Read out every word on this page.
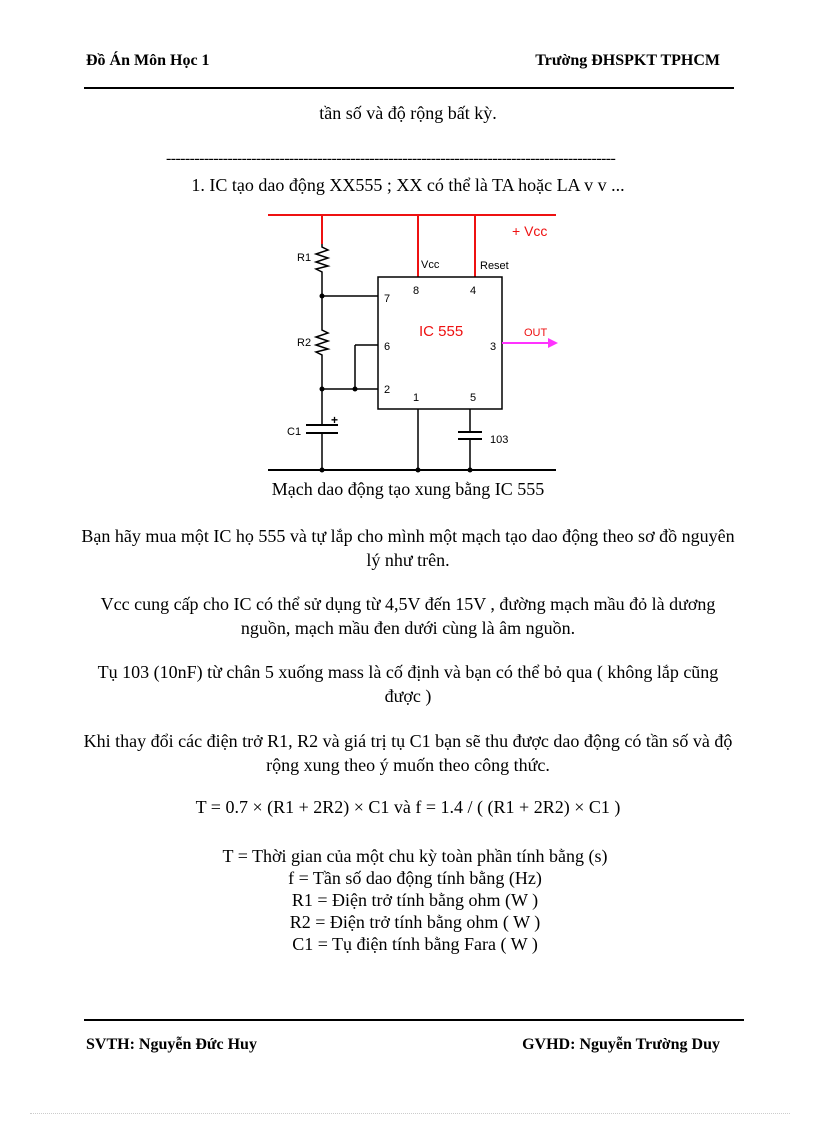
Đồ Án Môn Học 1	Trường ĐHSPKT TPHCM
tần số và độ rộng bất kỳ.
-----------------------------------------------------------------------------------------------
1. IC tạo dao động XX555 ; XX có thể là TA hoặc LA v v ...
+ Vcc
R1
R2
+
C1
IC 555
Vcc	Reset
8	4
7
6	3
2
1	5
OUT
103
Mạch dao động tạo xung bằng IC 555
Bạn hãy mua một IC họ 555 và tự lắp cho mình một mạch tạo dao động theo sơ đồ nguyên lý như trên.
Vcc cung cấp cho IC có thể sử dụng từ 4,5V đến 15V , đường mạch mầu đỏ là dương nguồn, mạch mầu đen dưới cùng là âm nguồn.
Tụ 103 (10nF) từ chân 5 xuống mass là cố định và bạn có thể bỏ qua ( không lắp cũng được )
Khi thay đổi các điện trở R1, R2 và giá trị tụ C1 bạn sẽ thu được dao động có tần số và độ rộng xung theo ý muốn theo công thức.
T = 0.7 × (R1 + 2R2) × C1 và f = 1.4 / ( (R1 + 2R2) × C1 )
T = Thời gian của một chu kỳ toàn phần tính bằng (s)
f = Tần số dao động tính bằng (Hz)
R1 = Điện trở tính bằng ohm (W )
R2 = Điện trở tính bằng ohm ( W )
C1 = Tụ điện tính bằng Fara ( W )
SVTH: Nguyễn Đức Huy	GVHD: Nguyễn Trường Duy
